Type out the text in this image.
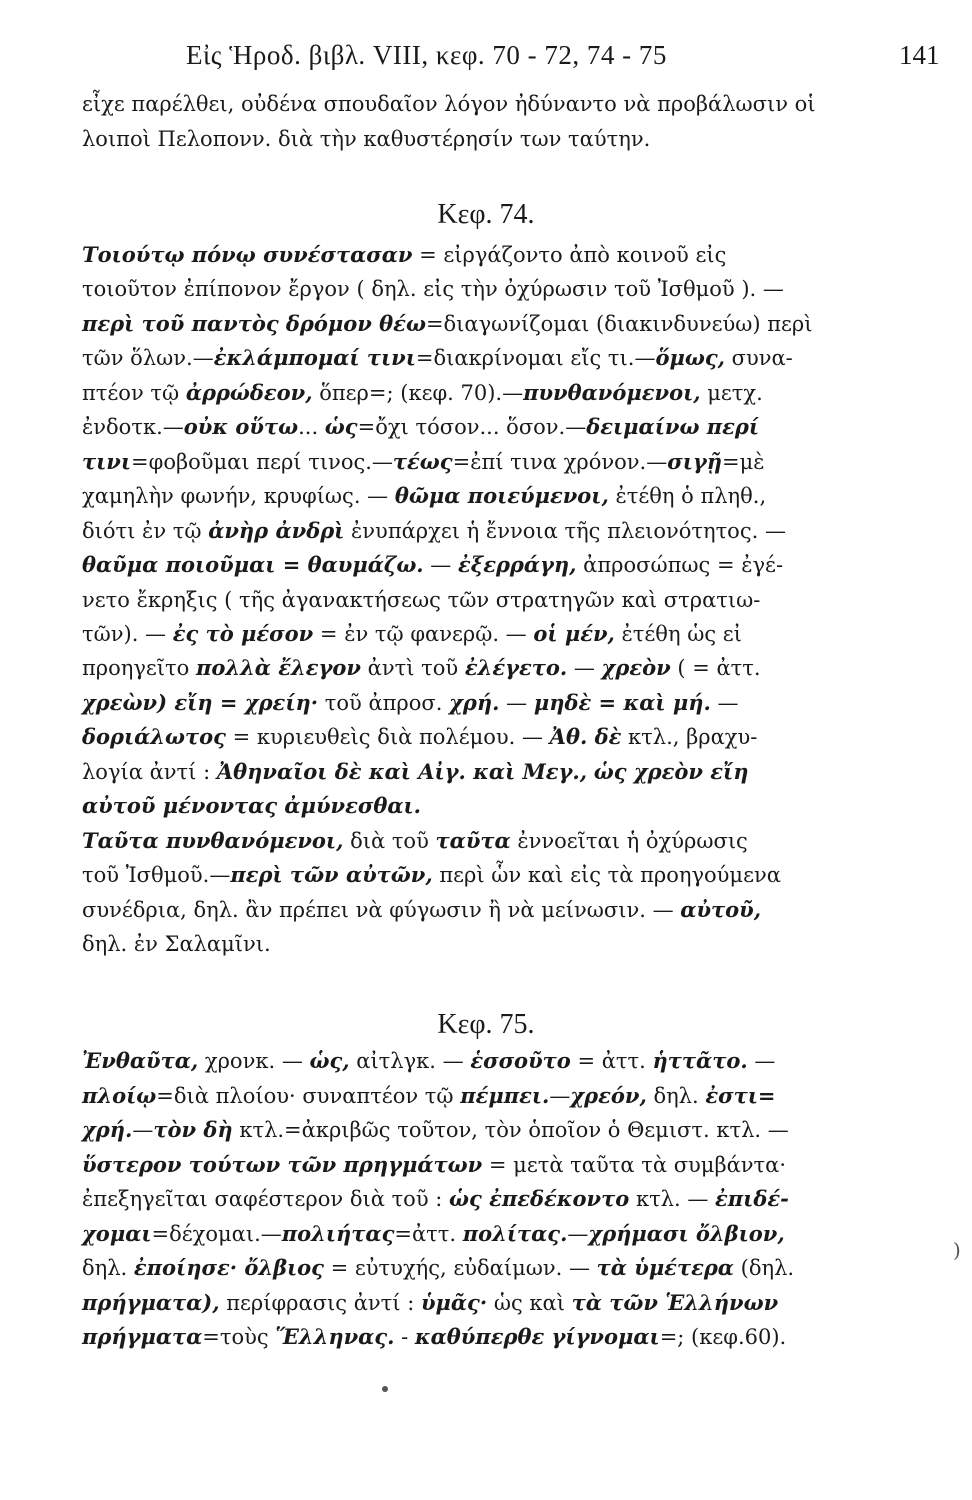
Εἰς Ἡροδ. βιβλ. VIII, κεφ. 70 - 72, 74 - 75	141
Κεφ. 74.
Κεφ. 75.
εἶχε παρέλθει, οὐδένα σπουδαῖον λόγον ἠδύναντο νὰ προβάλωσιν οἱ
λοιποὶ Πελοπονν. διὰ τὴν καθυστέρησίν των ταύτην.
Τοιούτῳ πόνῳ συνέστασαν = εἰργάζοντο ἀπὸ κοινοῦ εἰς
τοιοῦτον ἐπίπονον ἔργον ( δηλ. εἰς τὴν ὀχύρωσιν τοῦ Ἰσθμοῦ ). —
περὶ τοῦ παντὸς δρόμον θέω=διαγωνίζομαι (διακινδυνεύω) περὶ
τῶν ὅλων.—ἐκλάμπομαί τινι=διακρίνομαι εἴς τι.—ὅμως, συνα-
πτέον τῷ ἀρρώδεον, ὅπερ=; (κεφ. 70).—πυνθανόμενοι, μετχ.
ἐνδοτκ.—οὐκ οὕτω... ὡς=ὄχι τόσον... ὅσον.—δειμαίνω περί
τινι=φοβοῦμαι περί τινος.—τέως=ἐπί τινα χρόνον.—σιγῇ=μὲ
χαμηλὴν φωνήν, κρυφίως. — θῶμα ποιεύμενοι, ἐτέθη ὁ πληθ.,
διότι ἐν τῷ ἀνὴρ ἀνδρὶ ἐνυπάρχει ἡ ἔννοια τῆς πλειονότητος. —
θαῦμα ποιοῦμαι = θαυμάζω. — ἐξερράγη, ἀπροσώπως = ἐγέ-
νετο ἔκρηξις ( τῆς ἀγανακτήσεως τῶν στρατηγῶν καὶ στρατιω-
τῶν). — ἐς τὸ μέσον = ἐν τῷ φανερῷ. — οἱ μέν, ἐτέθη ὡς εἰ
προηγεῖτο πολλὰ ἔλεγον ἀντὶ τοῦ ἐλέγετο. — χρεὸν ( = ἀττ.
χρεὼν) εἴη = χρείη· τοῦ ἀπροσ. χρή. — μηδὲ = καὶ μή. —
δοριάλωτος = κυριευθεὶς διὰ πολέμου. — Ἀθ. δὲ κτλ., βραχυ-
λογία ἀντί : Ἀθηναῖοι δὲ καὶ Αἰγ. καὶ Μεγ., ὡς χρεὸν εἴη
αὐτοῦ μένοντας ἀμύνεσθαι.
Ταῦτα πυνθανόμενοι, διὰ τοῦ ταῦτα ἐννοεῖται ἡ ὀχύρωσις
τοῦ Ἰσθμοῦ.—περὶ τῶν αὐτῶν, περὶ ὧν καὶ εἰς τὰ προηγούμενα
συνέδρια, δηλ. ἂν πρέπει νὰ φύγωσιν ἢ νὰ μείνωσιν. — αὐτοῦ,
δηλ. ἐν Σαλαμῖνι.
Ἐνθαῦτα, χρονκ. — ὡς, αἰτλγκ. — ἑσσοῦτο = ἀττ. ἡττᾶτο. —
πλοίῳ=διὰ πλοίου· συναπτέον τῷ πέμπει.—χρεόν, δηλ. ἐστι=
χρή.—τὸν δὴ κτλ.=ἀκριβῶς τοῦτον, τὸν ὁποῖον ὁ Θεμιστ. κτλ. —
ὕστερον τούτων τῶν πρηγμάτων = μετὰ ταῦτα τὰ συμβάντα·
ἐπεξηγεῖται σαφέστερον διὰ τοῦ : ὡς ἐπεδέκοντο κτλ. — ἐπιδέ-
χομαι=δέχομαι.—πολιήτας=ἀττ. πολίτας.—χρήμασι ὄλβιον,
δηλ. ἐποίησε· ὄλβιος = εὐτυχής, εὐδαίμων. — τὰ ὑμέτερα (δηλ.
πρήγματα), περίφρασις ἀντί : ὑμᾶς· ὡς καὶ τὰ τῶν Ἑλλήνων
πρήγματα=τοὺς Ἕλληνας. - καθύπερθε γίγνομαι=; (κεφ.60).
)
